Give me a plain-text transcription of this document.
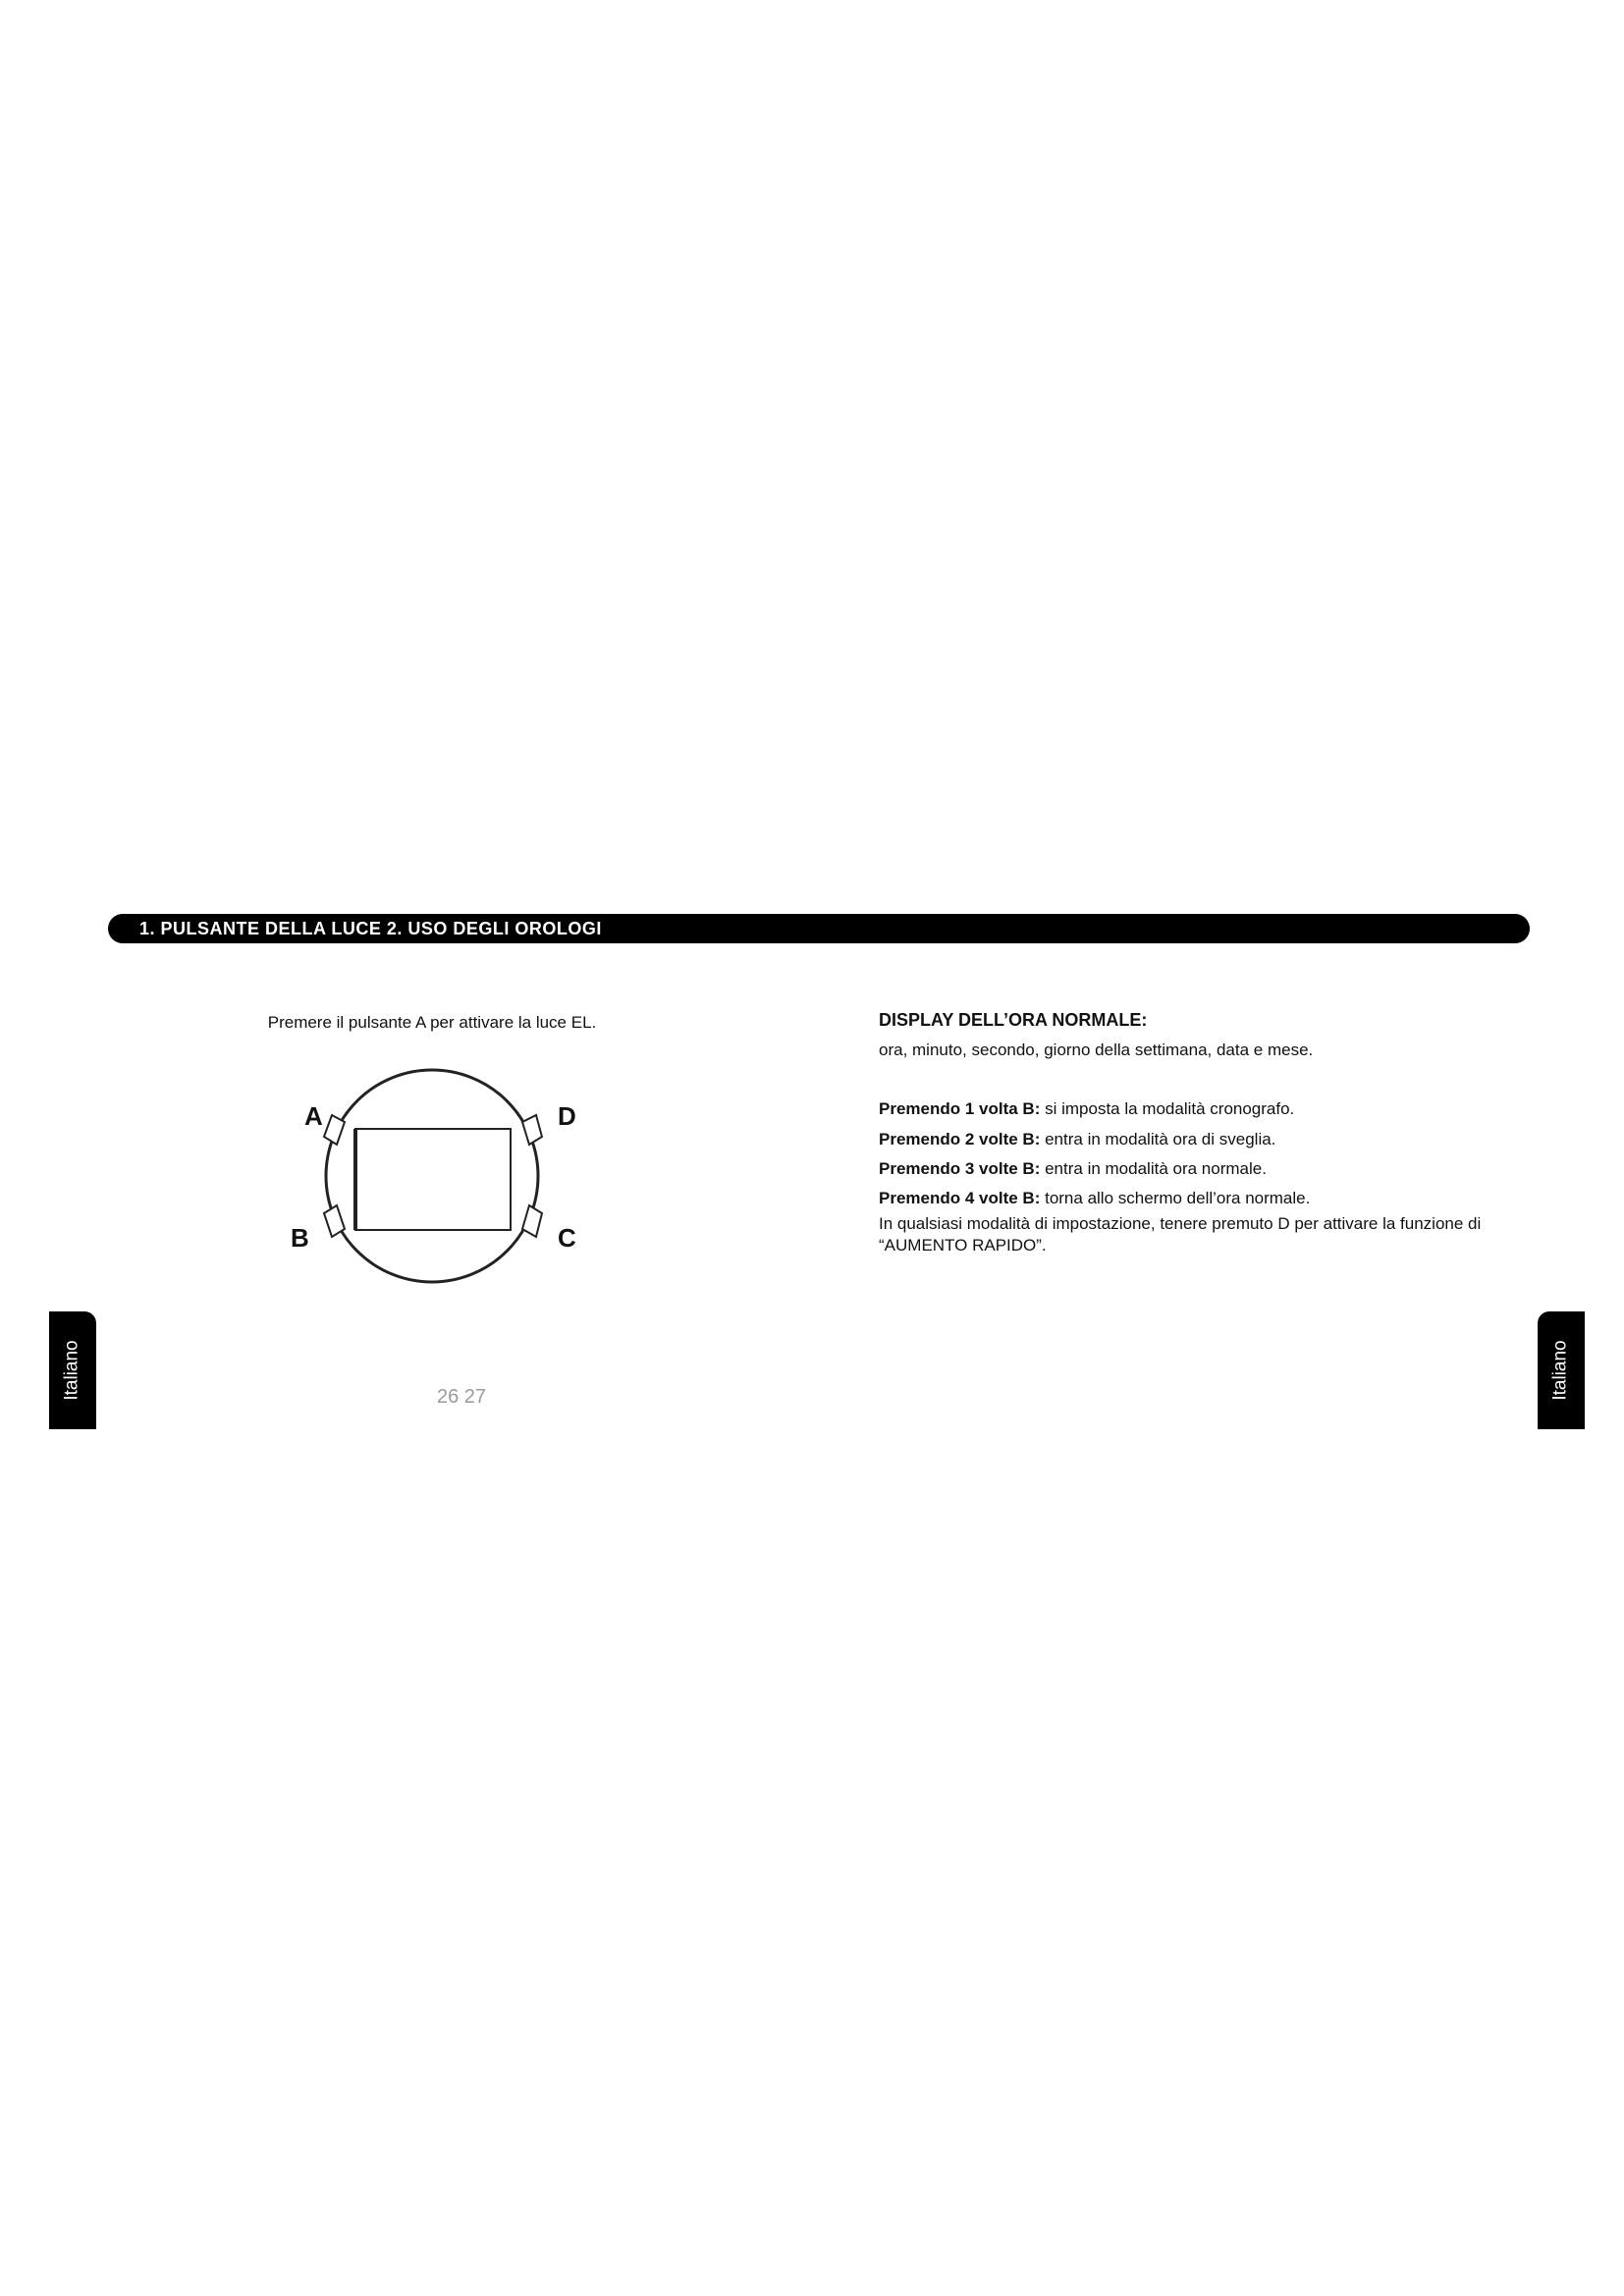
1. PULSANTE DELLA LUCE 2. USO DEGLI OROLOGI
Italiano	Italiano
Premere il pulsante A per attivare la luce EL.
A	D
B	C
26 27

DISPLAY DELL’ORA NORMALE:

ora, minuto, secondo, giorno della settimana, data e mese.

Premendo 1 volta B: si imposta la modalità cronografo.

Premendo 2 volte B: entra in modalità ora di sveglia.

Premendo 3 volte B: entra in modalità ora normale.

Premendo 4 volte B: torna allo schermo dell’ora normale.

In qualsiasi modalità di impostazione, tenere premuto D per attivare la funzione di “AUMENTO RAPIDO”.
